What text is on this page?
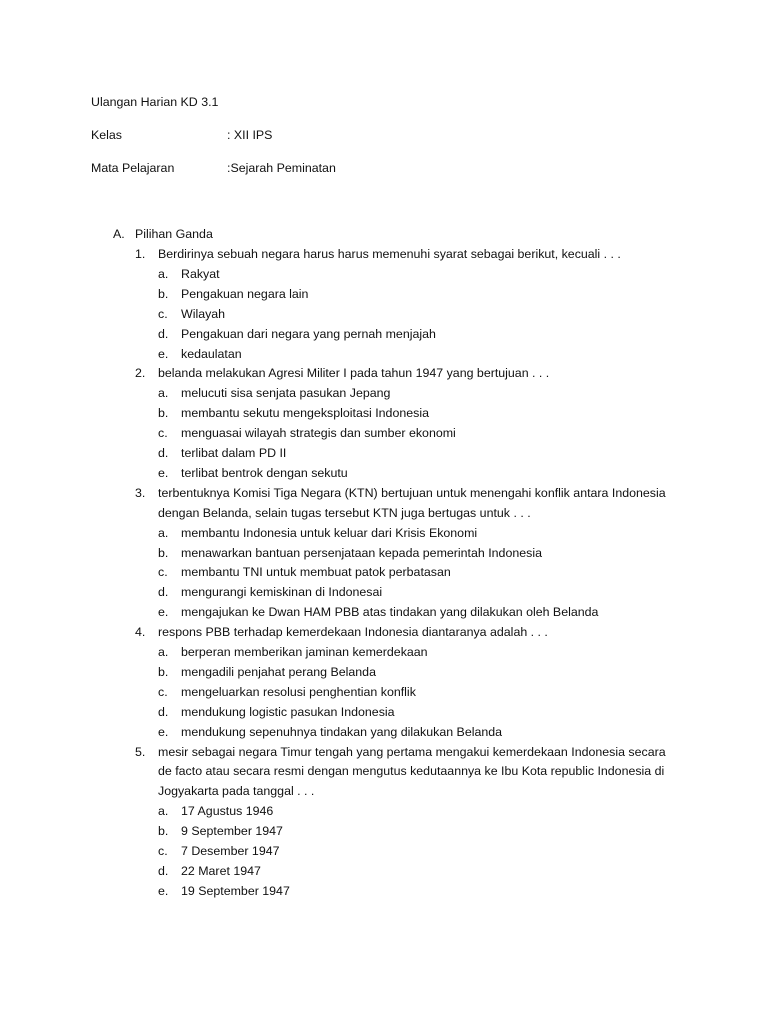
Ulangan Harian KD 3.1
Kelas	: XII IPS
Mata Pelajaran	:Sejarah Peminatan
A. Pilihan Ganda
1. Berdirinya sebuah negara harus harus memenuhi syarat sebagai berikut, kecuali . . .
a. Rakyat
b. Pengakuan negara lain
c. Wilayah
d. Pengakuan dari negara yang pernah menjajah
e. kedaulatan
2. belanda melakukan Agresi Militer I pada tahun 1947 yang bertujuan . . .
a. melucuti sisa senjata pasukan Jepang
b. membantu sekutu mengeksploitasi Indonesia
c. menguasai wilayah strategis dan sumber ekonomi
d. terlibat dalam PD II
e. terlibat bentrok dengan sekutu
3. terbentuknya Komisi Tiga Negara (KTN) bertujuan untuk menengahi konflik antara Indonesia
dengan Belanda, selain tugas tersebut KTN juga bertugas untuk . . .
a. membantu Indonesia untuk keluar dari Krisis Ekonomi
b. menawarkan bantuan persenjataan kepada pemerintah Indonesia
c. membantu TNI untuk membuat patok perbatasan
d. mengurangi kemiskinan di Indonesai
e. mengajukan ke Dwan HAM PBB atas tindakan yang dilakukan oleh Belanda
4. respons PBB terhadap kemerdekaan Indonesia diantaranya adalah . . .
a. berperan memberikan jaminan kemerdekaan
b. mengadili penjahat perang Belanda
c. mengeluarkan resolusi penghentian konflik
d. mendukung logistic pasukan Indonesia
e. mendukung sepenuhnya tindakan yang dilakukan Belanda
5. mesir sebagai negara Timur tengah yang pertama mengakui kemerdekaan Indonesia secara
de facto atau secara resmi dengan mengutus kedutaannya ke Ibu Kota republic Indonesia di
Jogyakarta pada tanggal . . .
a. 17 Agustus 1946
b. 9 September 1947
c. 7 Desember 1947
d. 22 Maret 1947
e. 19 September 1947
